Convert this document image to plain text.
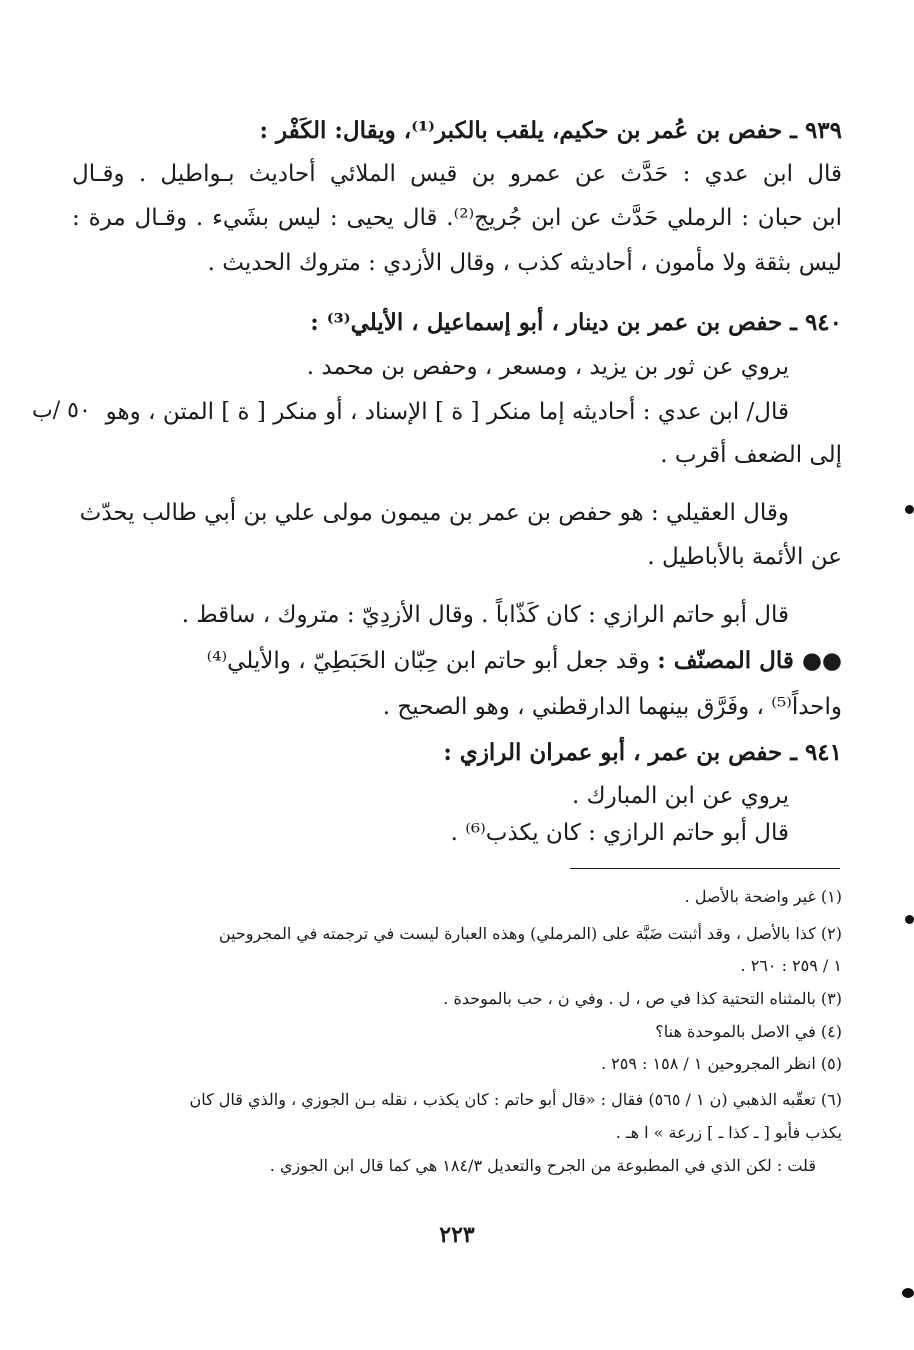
٩٣٩ ـ حفص بن عُمر بن حكيم، يلقب بالكبر⁽¹⁾، ويقال: الكَفْر :
قال ابن عدي : حَدَّث عن عمرو بن قيس الملائي أحاديث بـواطيل . وقـال
ابن حبان : الرملي حَدَّث عن ابن جُريج⁽²⁾. قال يحيى : ليس بشَيء . وقـال مرة :
ليس بثقة ولا مأمون ، أحاديثه كذب ، وقال الأزدي : متروك الحديث .
٩٤٠ ـ حفص بن عمر بن دينار ، أبو إسماعيل ، الأيلي⁽³⁾ :
يروي عن ثور بن يزيد ، ومسعر ، وحفص بن محمد .
قال/ ابن عدي : أحاديثه إما منكر [ ة ] الإسناد ، أو منكر [ ة ] المتن ، وهو
٥٠ /ب
إلى الضعف أقرب .
وقال العقيلي : هو حفص بن عمر بن ميمون مولى علي بن أبي طالب يحدّث
عن الأئمة بالأباطيل .
قال أبو حاتم الرازي : كان كَذّاباً . وقال الأزدِيّ : متروك ، ساقط .
●● قال المصنّف : وقد جعل أبو حاتم ابن حِبّان الحَبَطِيّ ، والأيلي⁽⁴⁾
واحداً⁽⁵⁾ ، وفَرَّق بينهما الدارقطني ، وهو الصحيح .
٩٤١ ـ حفص بن عمر ، أبو عمران الرازي :
يروي عن ابن المبارك .
قال أبو حاتم الرازي : كان يكذب⁽⁶⁾ .
(١) غير واضحة بالأصل .
(٢) كذا بالأصل ، وقد أثبتت ضَبَّة على (المرملي) وهذه العبارة ليست في ترجمته في المجروحين
١ / ٢٥٩ : ٢٦٠ .
(٣) بالمثناه التحتية كذا في ص ، ل . وفي ن ، حب بالموحدة .
(٤) في الاصل بالموحدة هنا؟
(٥) انظر المجروحين ١ / ١٥٨ : ٢٥٩ .
(٦) تعقّبه الذهبي (ن ١ / ٥٦٥) فقال : «قال أبو حاتم : كان يكذب ، نقله بـن الجوزي ، والذي قال كان
يكذب فأبو [ ـ كذا ـ ] زرعة » ا هـ .
قلت : لكن الذي في المطبوعة من الجرح والتعديل ١٨٤/٣ هي كما قال ابن الجوزي .
٢٢٣
